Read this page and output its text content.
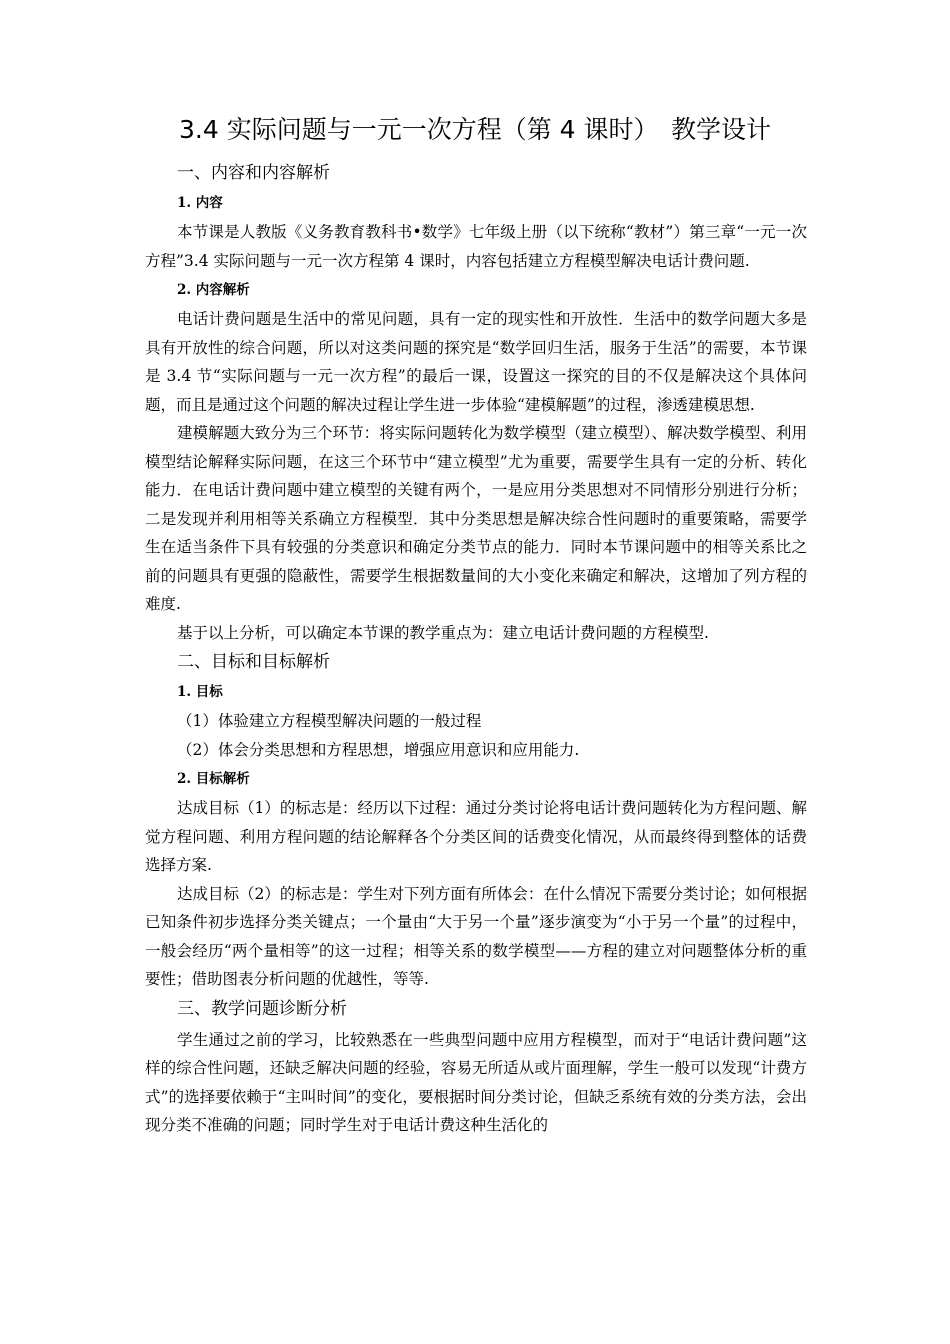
3.4 实际问题与一元一次方程（第 4 课时）　教学设计
一、内容和内容解析
1. 内容

本节课是人教版《义务教育教科书•数学》七年级上册（以下统称“教材”）第三章“一元一次方程”3.4 实际问题与一元一次方程第 4 课时，内容包括建立方程模型解决电话计费问题.

2. 内容解析

电话计费问题是生活中的常见问题，具有一定的现实性和开放性．生活中的数学问题大多是具有开放性的综合问题，所以对这类问题的探究是“数学回归生活，服务于生活”的需要，本节课是 3.4 节“实际问题与一元一次方程”的最后一课，设置这一探究的目的不仅是解决这个具体问题，而且是通过这个问题的解决过程让学生进一步体验“建模解题”的过程，渗透建模思想.

建模解题大致分为三个环节：将实际问题转化为数学模型（建立模型）、解决数学模型、利用模型结论解释实际问题，在这三个环节中“建立模型”尤为重要，需要学生具有一定的分析、转化能力．在电话计费问题中建立模型的关键有两个，一是应用分类思想对不同情形分别进行分析；二是发现并利用相等关系确立方程模型．其中分类思想是解决综合性问题时的重要策略，需要学生在适当条件下具有较强的分类意识和确定分类节点的能力．同时本节课问题中的相等关系比之前的问题具有更强的隐蔽性，需要学生根据数量间的大小变化来确定和解决，这增加了列方程的难度.

基于以上分析，可以确定本节课的教学重点为：建立电话计费问题的方程模型.

二、目标和目标解析
1. 目标

（1）体验建立方程模型解决问题的一般过程

（2）体会分类思想和方程思想，增强应用意识和应用能力.

2. 目标解析

达成目标（1）的标志是：经历以下过程：通过分类讨论将电话计费问题转化为方程问题、解觉方程问题、利用方程问题的结论解释各个分类区间的话费变化情况，从而最终得到整体的话费选择方案.

达成目标（2）的标志是：学生对下列方面有所体会：在什么情况下需要分类讨论；如何根据已知条件初步选择分类关键点；一个量由“大于另一个量”逐步演变为“小于另一个量”的过程中，一般会经历“两个量相等”的这一过程；相等关系的数学模型——方程的建立对问题整体分析的重要性；借助图表分析问题的优越性，等等.

三、教学问题诊断分析

学生通过之前的学习，比较熟悉在一些典型问题中应用方程模型，而对于“电话计费问题”这样的综合性问题，还缺乏解决问题的经验，容易无所适从或片面理解，学生一般可以发现“计费方式”的选择要依赖于“主叫时间”的变化，要根据时间分类讨论，但缺乏系统有效的分类方法，会出现分类不准确的问题；同时学生对于电话计费这种生活化的
